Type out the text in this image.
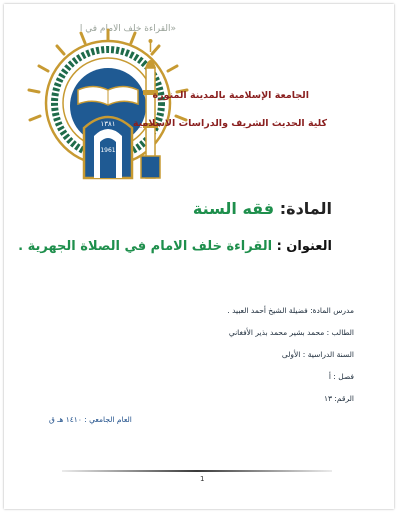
«القراءة خلف الامام في ا
١٣٨١
1961
الجامعة الإسلامية بالمدينة المنورة
كلية الحديث الشريف والدراسات الاسلامية
المادة: فقه السنة
العنوان : القراءة خلف الامام في الصلاة الجهرية .
مدرس المادة: فضيلة الشيخ أحمد العبيد .
الطالب : محمد بشير محمد بذير الأفغاني
السنة الدراسية : الأولى
فصل : أ
الرقم: ١٣
العام الجامعي : ١٤١٠ هـ ق
1
